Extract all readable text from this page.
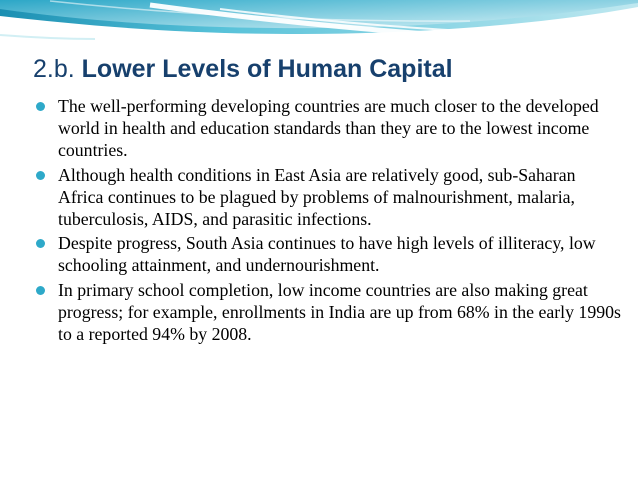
2.b. Lower Levels of Human Capital
The well-performing developing countries are much closer to the developed world in health and education standards than they are to the lowest income countries.
Although health conditions in East Asia are relatively good, sub-Saharan Africa continues to be plagued by problems of malnourishment, malaria, tuberculosis, AIDS, and parasitic infections.
Despite progress, South Asia continues to have high levels of illiteracy, low schooling attainment, and undernourishment.
In primary school completion, low income countries are also making great progress; for example, enrollments in India are up from 68% in the early 1990s to a reported 94% by 2008.
